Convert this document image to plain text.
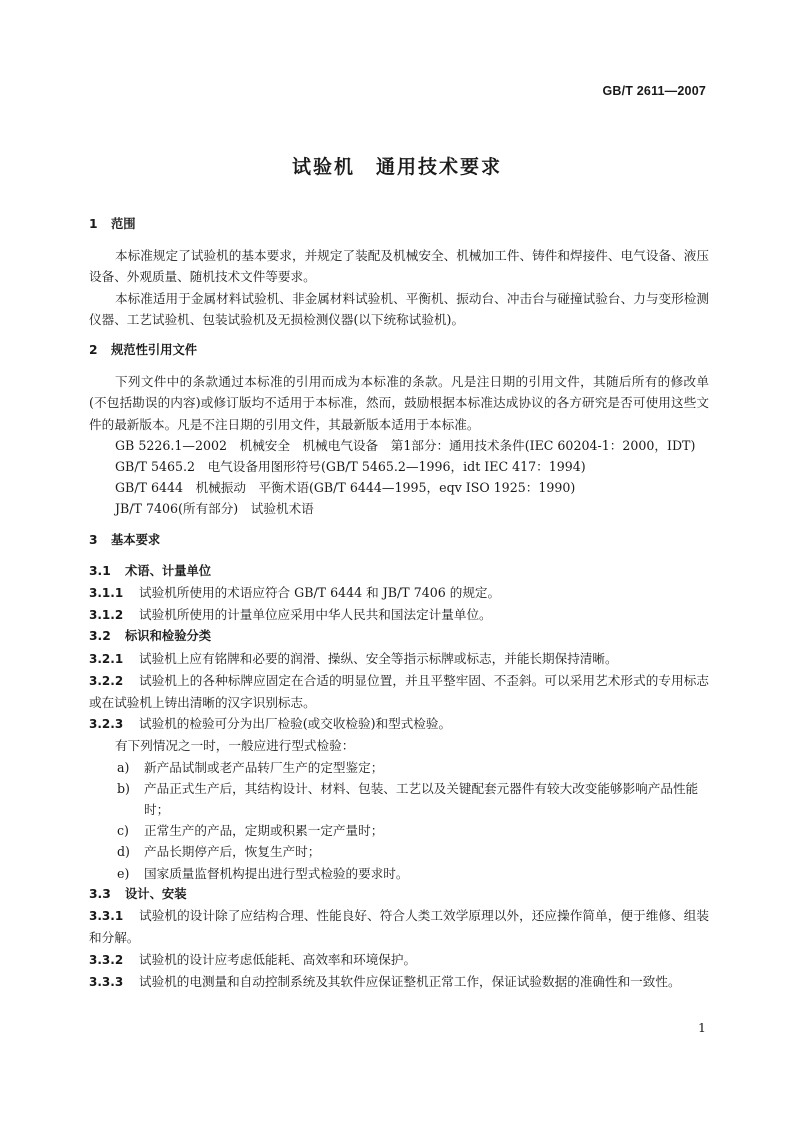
GB/T 2611—2007
试验机　通用技术要求
1 范围

本标准规定了试验机的基本要求，并规定了装配及机械安全、机械加工件、铸件和焊接件、电气设备、液压设备、外观质量、随机技术文件等要求。

本标准适用于金属材料试验机、非金属材料试验机、平衡机、振动台、冲击台与碰撞试验台、力与变形检测仪器、工艺试验机、包装试验机及无损检测仪器(以下统称试验机)。

2 规范性引用文件

下列文件中的条款通过本标准的引用而成为本标准的条款。凡是注日期的引用文件，其随后所有的修改单(不包括勘误的内容)或修订版均不适用于本标准，然而，鼓励根据本标准达成协议的各方研究是否可使用这些文件的最新版本。凡是不注日期的引用文件，其最新版本适用于本标准。

GB 5226.1—2002　机械安全　机械电气设备　第1部分：通用技术条件(IEC 60204-1：2000，IDT)

GB/T 5465.2　电气设备用图形符号(GB/T 5465.2—1996，idt IEC 417：1994)

GB/T 6444　机械振动　平衡术语(GB/T 6444—1995，eqv ISO 1925：1990)

JB/T 7406(所有部分)　试验机术语

3 基本要求
3.1 术语、计量单位

3.1.1 试验机所使用的术语应符合 GB/T 6444 和 JB/T 7406 的规定。

3.1.2 试验机所使用的计量单位应采用中华人民共和国法定计量单位。

3.2 标识和检验分类

3.2.1 试验机上应有铭牌和必要的润滑、操纵、安全等指示标牌或标志，并能长期保持清晰。

3.2.2 试验机上的各种标牌应固定在合适的明显位置，并且平整牢固、不歪斜。可以采用艺术形式的专用标志或在试验机上铸出清晰的汉字识别标志。

3.2.3 试验机的检验可分为出厂检验(或交收检验)和型式检验。

有下列情况之一时，一般应进行型式检验：

a) 新产品试制或老产品转厂生产的定型鉴定；
b) 产品正式生产后，其结构设计、材料、包装、工艺以及关键配套元器件有较大改变能够影响产品性能时；
c) 正常生产的产品，定期或积累一定产量时；
d) 产品长期停产后，恢复生产时；
e) 国家质量监督机构提出进行型式检验的要求时。
3.3 设计、安装

3.3.1 试验机的设计除了应结构合理、性能良好、符合人类工效学原理以外，还应操作简单，便于维修、组装和分解。

3.3.2 试验机的设计应考虑低能耗、高效率和环境保护。

3.3.3 试验机的电测量和自动控制系统及其软件应保证整机正常工作，保证试验数据的准确性和一致性。

1
